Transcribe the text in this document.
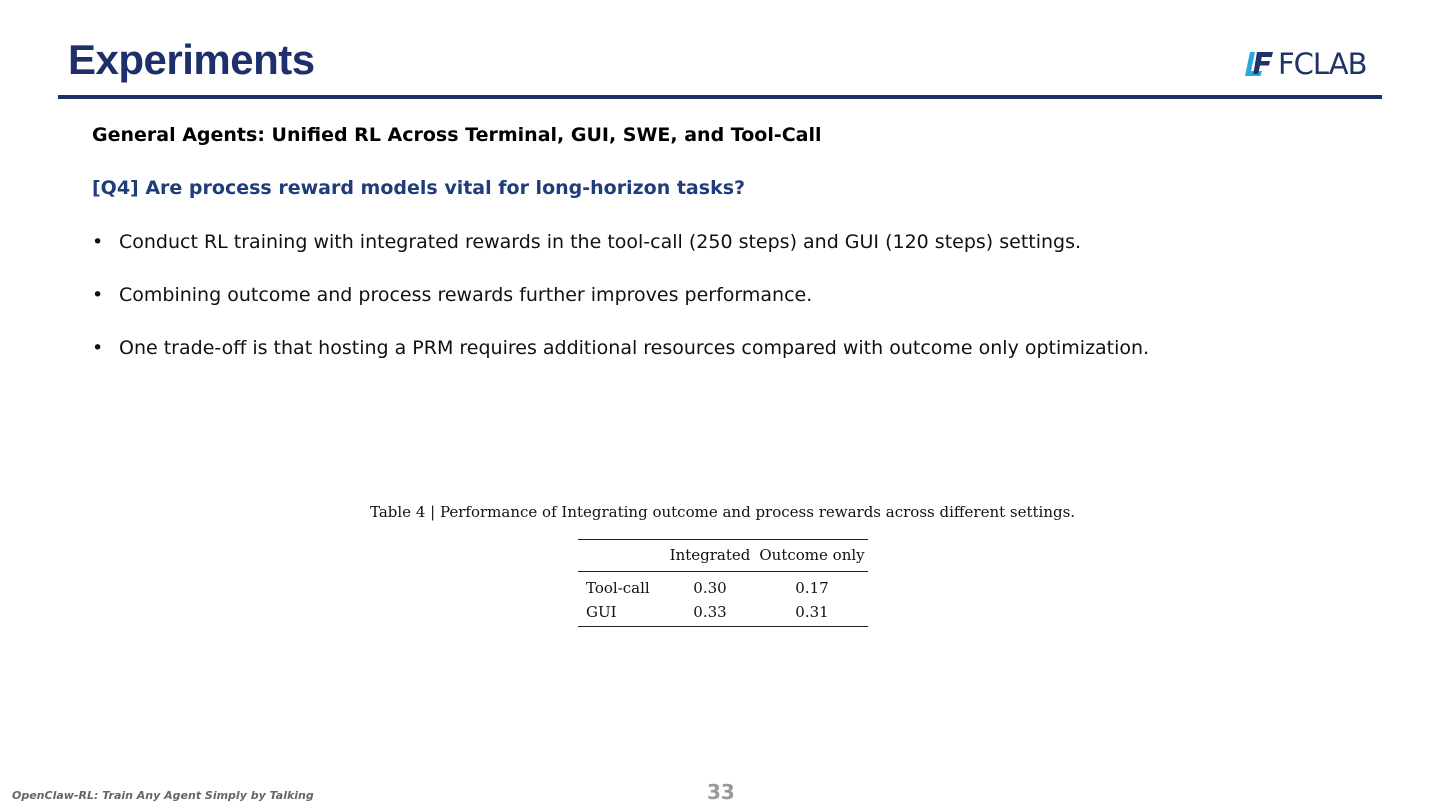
Experiments	FCLAB
General Agents: Unified RL Across Terminal, GUI, SWE, and Tool-Call
[Q4] Are process reward models vital for long-horizon tasks?
• Conduct RL training with integrated rewards in the tool-call (250 steps) and GUI (120 steps) settings.
• Combining outcome and process rewards further improves performance.
• One trade-off is that hosting a PRM requires additional resources compared with outcome only optimization.
Table 4 | Performance of Integrating outcome and process rewards across different settings.
	Integrated	Outcome only
Tool-call	0.30	0.17
GUI	0.33	0.31
OpenClaw-RL: Train Any Agent Simply by Talking	33
